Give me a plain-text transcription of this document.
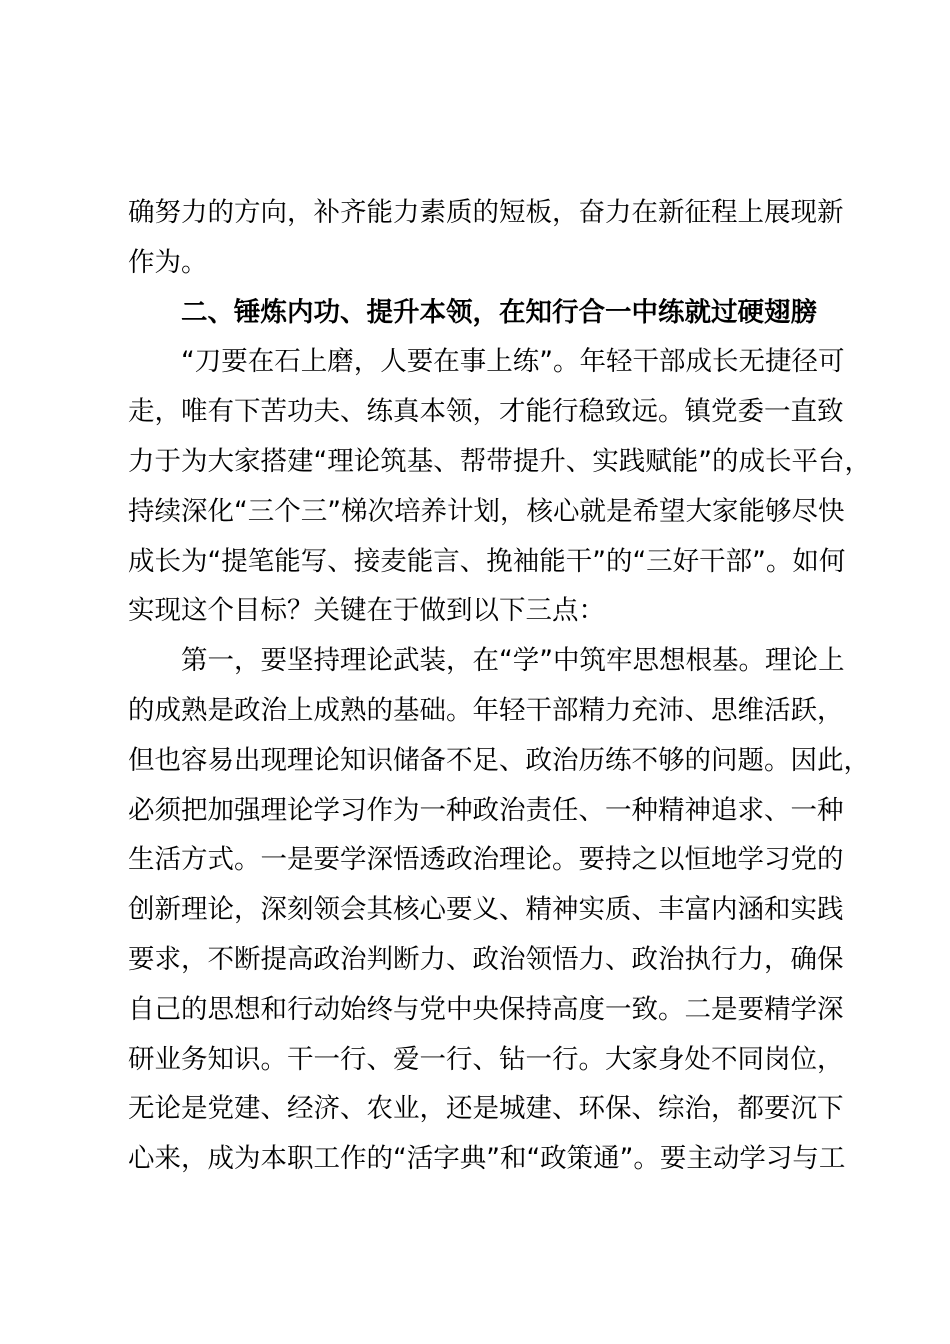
确努力的方向，补齐能力素质的短板，奋力在新征程上展现新
作为。
二、锤炼内功、提升本领，在知行合一中练就过硬翅膀
“刀要在石上磨，人要在事上练”。年轻干部成长无捷径可
走，唯有下苦功夫、练真本领，才能行稳致远。镇党委一直致
力于为大家搭建“理论筑基、帮带提升、实践赋能”的成长平台，
持续深化“三个三”梯次培养计划，核心就是希望大家能够尽快
成长为“提笔能写、接麦能言、挽袖能干”的“三好干部”。如何
实现这个目标？关键在于做到以下三点：
第一，要坚持理论武装，在“学”中筑牢思想根基。理论上
的成熟是政治上成熟的基础。年轻干部精力充沛、思维活跃，
但也容易出现理论知识储备不足、政治历练不够的问题。因此，
必须把加强理论学习作为一种政治责任、一种精神追求、一种
生活方式。一是要学深悟透政治理论。要持之以恒地学习党的
创新理论，深刻领会其核心要义、精神实质、丰富内涵和实践
要求，不断提高政治判断力、政治领悟力、政治执行力，确保
自己的思想和行动始终与党中央保持高度一致。二是要精学深
研业务知识。干一行、爱一行、钻一行。大家身处不同岗位，
无论是党建、经济、农业，还是城建、环保、综治，都要沉下
心来，成为本职工作的“活字典”和“政策通”。要主动学习与工
